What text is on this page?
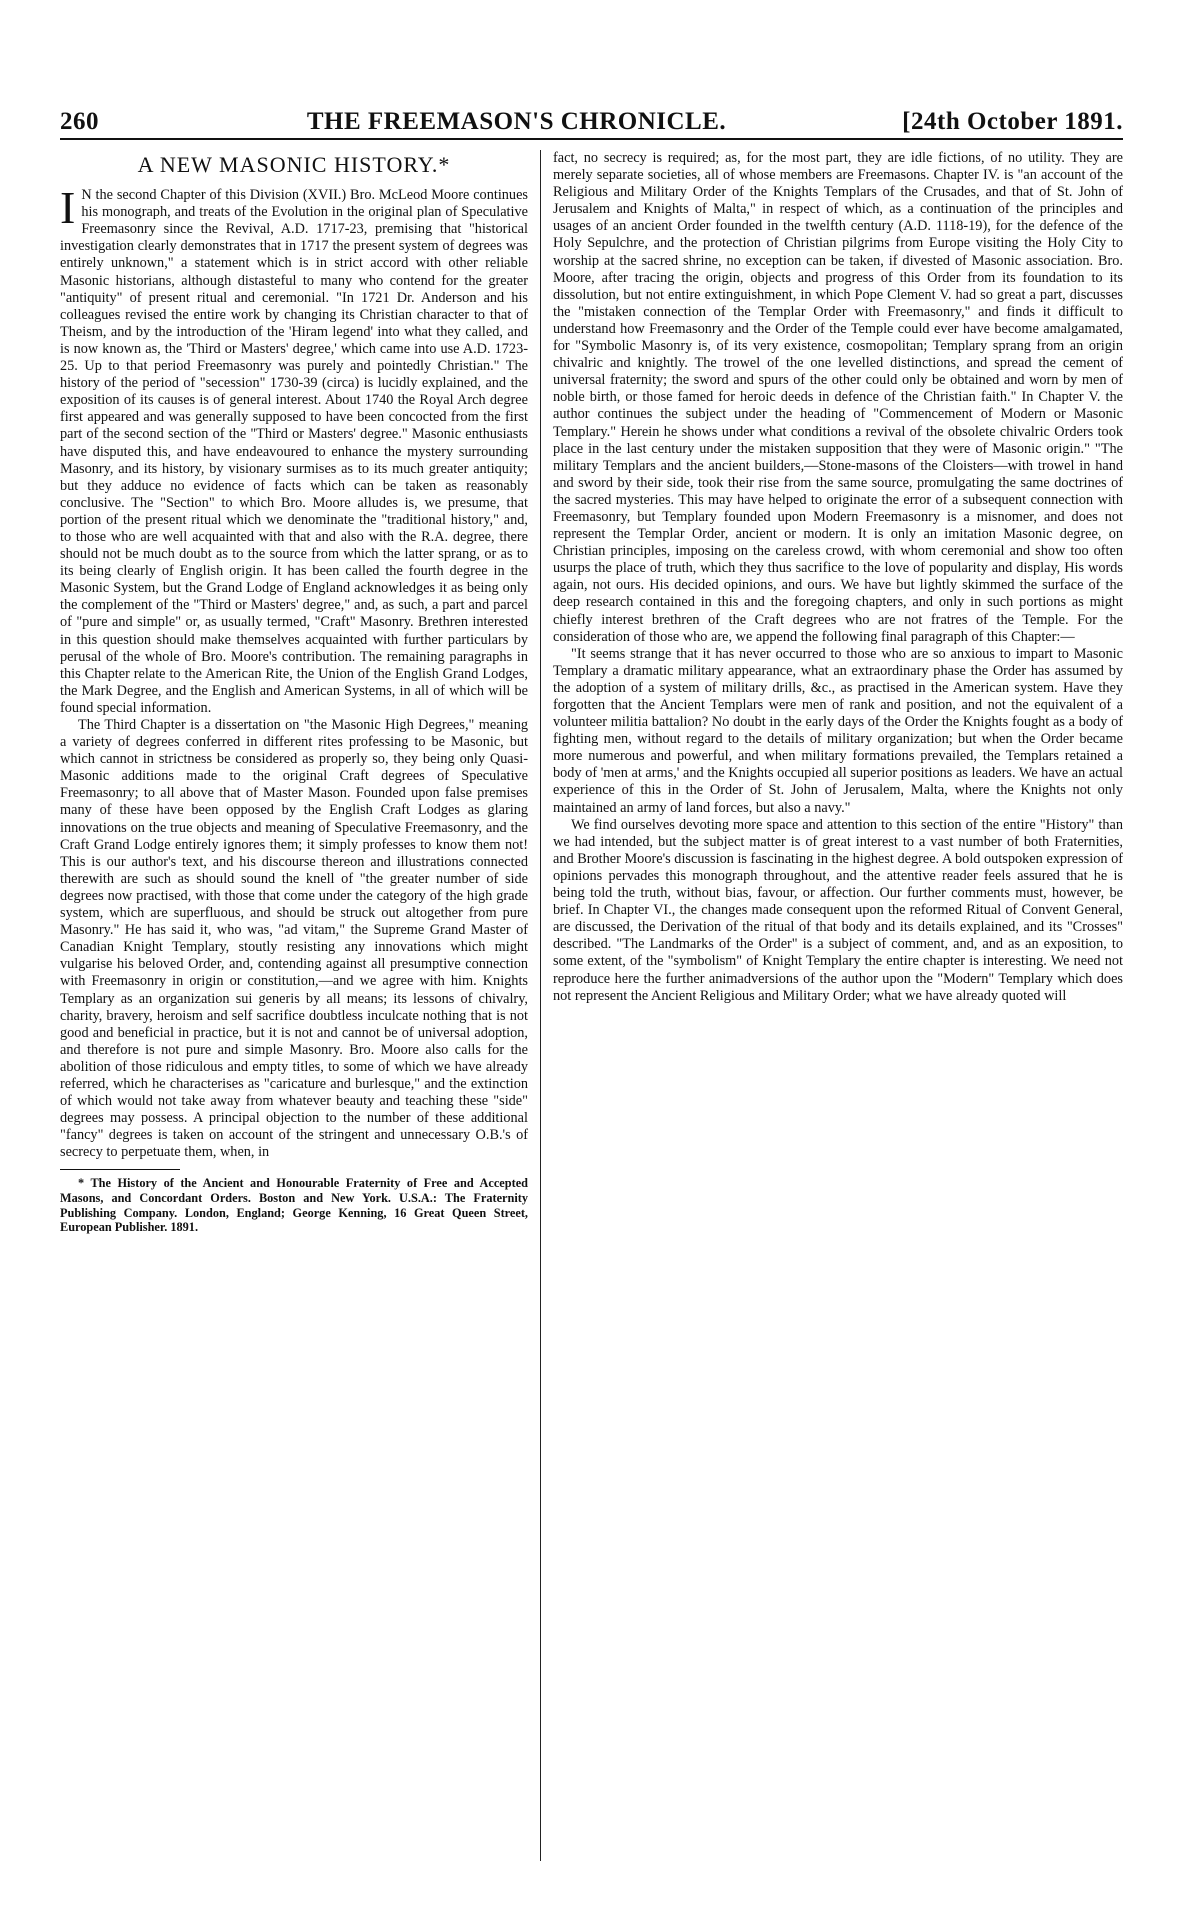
260	THE FREEMASON'S CHRONICLE.	[24th October 1891.
A NEW MASONIC HISTORY.*

I N the second Chapter of this Division (XVII.) Bro. McLeod Moore continues his monograph, and treats of the Evolution in the original plan of Speculative Freemasonry since the Revival, A.D. 1717-23, premising that "historical investigation clearly demonstrates that in 1717 the present system of degrees was entirely unknown," a statement which is in strict accord with other reliable Masonic historians, although distasteful to many who contend for the greater "antiquity" of present ritual and ceremonial. "In 1721 Dr. Anderson and his colleagues revised the entire work by changing its Christian character to that of Theism, and by the introduction of the 'Hiram legend' into what they called, and is now known as, the 'Third or Masters' degree,' which came into use A.D. 1723-25. Up to that period Freemasonry was purely and pointedly Christian." The history of the period of "secession" 1730-39 (circa) is lucidly explained, and the exposition of its causes is of general interest. About 1740 the Royal Arch degree first appeared and was generally supposed to have been concocted from the first part of the second section of the "Third or Masters' degree." Masonic enthusiasts have disputed this, and have endeavoured to enhance the mystery surrounding Masonry, and its history, by visionary surmises as to its much greater antiquity; but they adduce no evidence of facts which can be taken as reasonably conclusive. The "Section" to which Bro. Moore alludes is, we presume, that portion of the present ritual which we denominate the "traditional history," and, to those who are well acquainted with that and also with the R.A. degree, there should not be much doubt as to the source from which the latter sprang, or as to its being clearly of English origin. It has been called the fourth degree in the Masonic System, but the Grand Lodge of England acknowledges it as being only the complement of the "Third or Masters' degree," and, as such, a part and parcel of "pure and simple" or, as usually termed, "Craft" Masonry. Brethren interested in this question should make themselves acquainted with further particulars by perusal of the whole of Bro. Moore's contribution. The remaining paragraphs in this Chapter relate to the American Rite, the Union of the English Grand Lodges, the Mark Degree, and the English and American Systems, in all of which will be found special information.

The Third Chapter is a dissertation on "the Masonic High Degrees," meaning a variety of degrees conferred in different rites professing to be Masonic, but which cannot in strictness be considered as properly so, they being only Quasi-Masonic additions made to the original Craft degrees of Speculative Freemasonry; to all above that of Master Mason. Founded upon false premises many of these have been opposed by the English Craft Lodges as glaring innovations on the true objects and meaning of Speculative Freemasonry, and the Craft Grand Lodge entirely ignores them; it simply professes to know them not! This is our author's text, and his discourse thereon and illustrations connected therewith are such as should sound the knell of "the greater number of side degrees now practised, with those that come under the category of the high grade system, which are superfluous, and should be struck out altogether from pure Masonry." He has said it, who was, "ad vitam," the Supreme Grand Master of Canadian Knight Templary, stoutly resisting any innovations which might vulgarise his beloved Order, and, contending against all presumptive connection with Freemasonry in origin or constitution,—and we agree with him. Knights Templary as an organization sui generis by all means; its lessons of chivalry, charity, bravery, heroism and self sacrifice doubtless inculcate nothing that is not good and beneficial in practice, but it is not and cannot be of universal adoption, and therefore is not pure and simple Masonry. Bro. Moore also calls for the abolition of those ridiculous and empty titles, to some of which we have already referred, which he characterises as "caricature and burlesque," and the extinction of which would not take away from whatever beauty and teaching these "side" degrees may possess. A principal objection to the number of these additional "fancy" degrees is taken on account of the stringent and unnecessary O.B.'s of secrecy to perpetuate them, when, in

* The History of the Ancient and Honourable Fraternity of Free and Accepted Masons, and Concordant Orders. Boston and New York. U.S.A.: The Fraternity Publishing Company. London, England; George Kenning, 16 Great Queen Street, European Publisher. 1891.

fact, no secrecy is required; as, for the most part, they are idle fictions, of no utility. They are merely separate societies, all of whose members are Freemasons. Chapter IV. is "an account of the Religious and Military Order of the Knights Templars of the Crusades, and that of St. John of Jerusalem and Knights of Malta," in respect of which, as a continuation of the principles and usages of an ancient Order founded in the twelfth century (A.D. 1118-19), for the defence of the Holy Sepulchre, and the protection of Christian pilgrims from Europe visiting the Holy City to worship at the sacred shrine, no exception can be taken, if divested of Masonic association. Bro. Moore, after tracing the origin, objects and progress of this Order from its foundation to its dissolution, but not entire extinguishment, in which Pope Clement V. had so great a part, discusses the "mistaken connection of the Templar Order with Freemasonry," and finds it difficult to understand how Freemasonry and the Order of the Temple could ever have become amalgamated, for "Symbolic Masonry is, of its very existence, cosmopolitan; Templary sprang from an origin chivalric and knightly. The trowel of the one levelled distinctions, and spread the cement of universal fraternity; the sword and spurs of the other could only be obtained and worn by men of noble birth, or those famed for heroic deeds in defence of the Christian faith." In Chapter V. the author continues the subject under the heading of "Commencement of Modern or Masonic Templary." Herein he shows under what conditions a revival of the obsolete chivalric Orders took place in the last century under the mistaken supposition that they were of Masonic origin." "The military Templars and the ancient builders,—Stone-masons of the Cloisters—with trowel in hand and sword by their side, took their rise from the same source, promulgating the same doctrines of the sacred mysteries. This may have helped to originate the error of a subsequent connection with Freemasonry, but Templary founded upon Modern Freemasonry is a misnomer, and does not represent the Templar Order, ancient or modern. It is only an imitation Masonic degree, on Christian principles, imposing on the careless crowd, with whom ceremonial and show too often usurps the place of truth, which they thus sacrifice to the love of popularity and display, His words again, not ours. His decided opinions, and ours. We have but lightly skimmed the surface of the deep research contained in this and the foregoing chapters, and only in such portions as might chiefly interest brethren of the Craft degrees who are not fratres of the Temple. For the consideration of those who are, we append the following final paragraph of this Chapter:—

"It seems strange that it has never occurred to those who are so anxious to impart to Masonic Templary a dramatic military appearance, what an extraordinary phase the Order has assumed by the adoption of a system of military drills, &c., as practised in the American system. Have they forgotten that the Ancient Templars were men of rank and position, and not the equivalent of a volunteer militia battalion? No doubt in the early days of the Order the Knights fought as a body of fighting men, without regard to the details of military organization; but when the Order became more numerous and powerful, and when military formations prevailed, the Templars retained a body of 'men at arms,' and the Knights occupied all superior positions as leaders. We have an actual experience of this in the Order of St. John of Jerusalem, Malta, where the Knights not only maintained an army of land forces, but also a navy."

We find ourselves devoting more space and attention to this section of the entire "History" than we had intended, but the subject matter is of great interest to a vast number of both Fraternities, and Brother Moore's discussion is fascinating in the highest degree. A bold outspoken expression of opinions pervades this monograph throughout, and the attentive reader feels assured that he is being told the truth, without bias, favour, or affection. Our further comments must, however, be brief. In Chapter VI., the changes made consequent upon the reformed Ritual of Convent General, are discussed, the Derivation of the ritual of that body and its details explained, and its "Crosses" described. "The Landmarks of the Order" is a subject of comment, and, and as an exposition, to some extent, of the "symbolism" of Knight Templary the entire chapter is interesting. We need not reproduce here the further animadversions of the author upon the "Modern" Templary which does not represent the Ancient Religious and Military Order; what we have already quoted will
